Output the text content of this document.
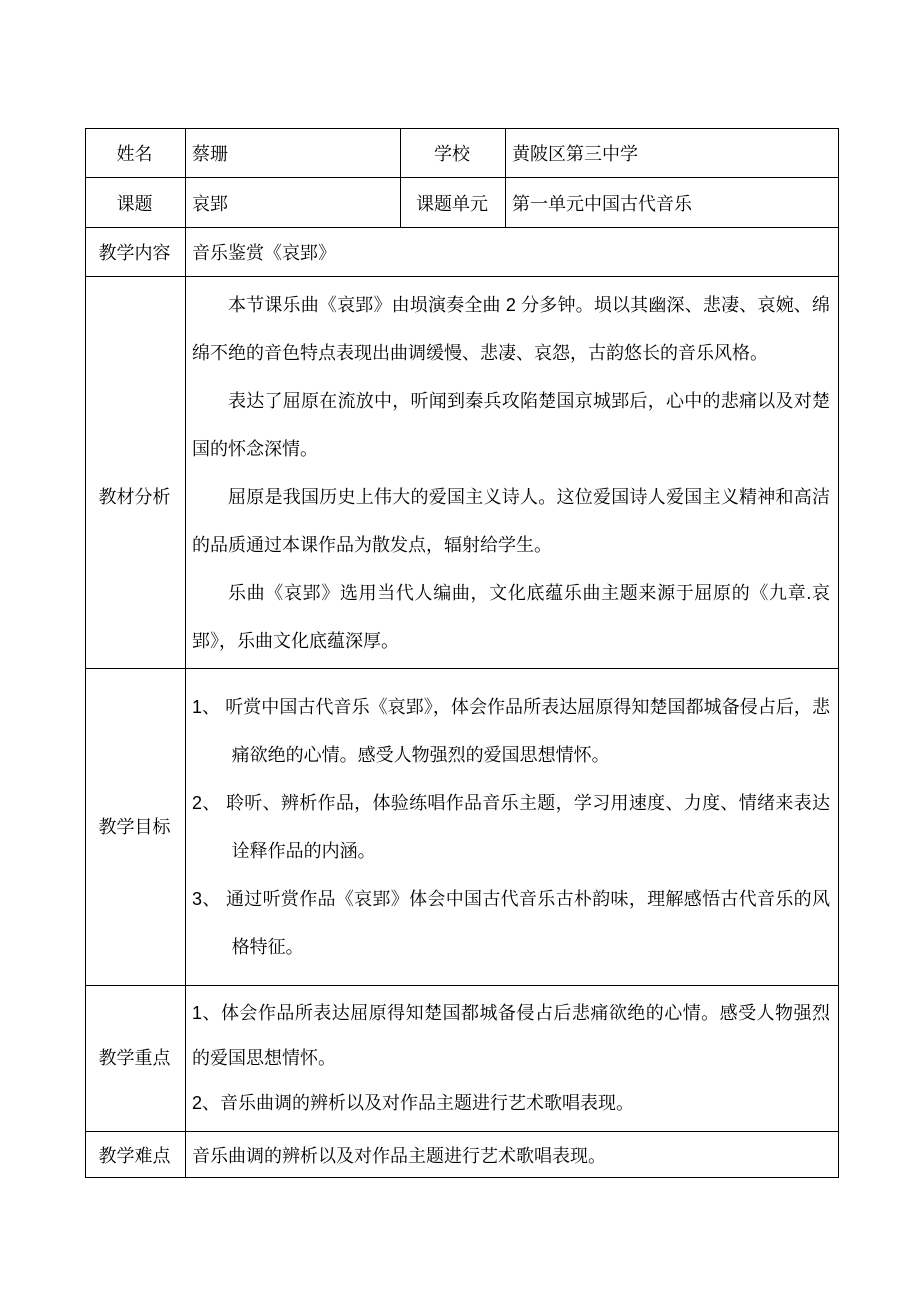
姓名	蔡珊	学校	黄陂区第三中学
课题	哀郢	课题单元	第一单元中国古代音乐
教学内容	音乐鉴赏《哀郢》		

教材分析	本节课乐曲《哀郢》由埙演奏全曲 2 分多钟。埙以其幽深、悲凄、哀婉、绵绵不绝的音色特点表现出曲调缓慢、悲凄、哀怨，古韵悠长的音乐风格。
表达了屈原在流放中，听闻到秦兵攻陷楚国京城郢后，心中的悲痛以及对楚国的怀念深情。
屈原是我国历史上伟大的爱国主义诗人。这位爱国诗人爱国主义精神和高洁的品质通过本课作品为散发点，辐射给学生。
乐曲《哀郢》选用当代人编曲，文化底蕴乐曲主题来源于屈原的《九章.哀郢》，乐曲文化底蕴深厚。		

教学目标	1、 听赏中国古代音乐《哀郢》，体会作品所表达屈原得知楚国都城备侵占后，悲痛欲绝的心情。感受人物强烈的爱国思想情怀。
2、 聆听、辨析作品，体验练唱作品音乐主题，学习用速度、力度、情绪来表达诠释作品的内涵。
3、 通过听赏作品《哀郢》体会中国古代音乐古朴韵味，理解感悟古代音乐的风格特征。		

教学重点	1、体会作品所表达屈原得知楚国都城备侵占后悲痛欲绝的心情。感受人物强烈的爱国思想情怀。
2、音乐曲调的辨析以及对作品主题进行艺术歌唱表现。		

教学难点	音乐曲调的辨析以及对作品主题进行艺术歌唱表现。		
